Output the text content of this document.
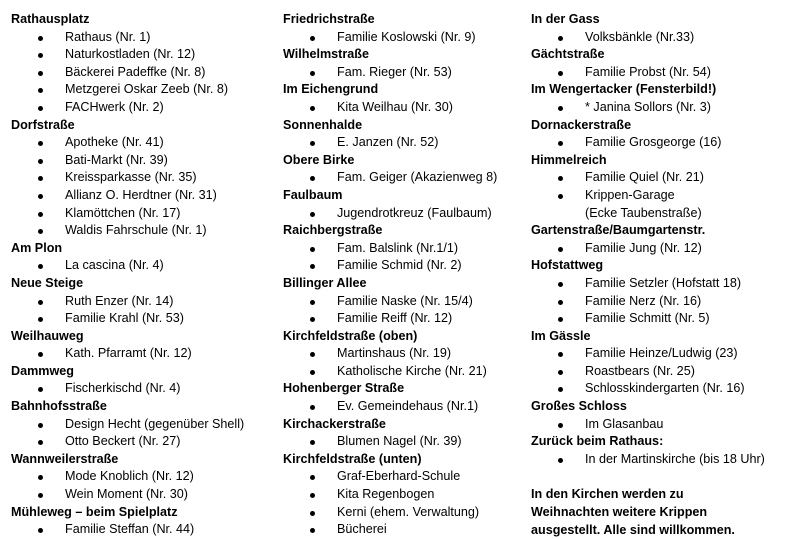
Rathausplatz
Rathaus (Nr. 1)
Naturkostladen (Nr. 12)
Bäckerei Padeffke (Nr. 8)
Metzgerei Oskar Zeeb (Nr. 8)
FACHwerk (Nr. 2)
Dorfstraße
Apotheke (Nr. 41)
Bati-Markt (Nr. 39)
Kreissparkasse (Nr. 35)
Allianz O. Herdtner (Nr. 31)
Klamöttchen (Nr. 17)
Waldis Fahrschule (Nr. 1)
Am Plon
La cascina (Nr. 4)
Neue Steige
Ruth Enzer (Nr. 14)
Familie Krahl (Nr. 53)
Weilhauweg
Kath. Pfarramt (Nr. 12)
Dammweg
Fischerkischd (Nr. 4)
Bahnhofsstraße
Design Hecht (gegenüber Shell)
Otto Beckert (Nr. 27)
Wannweilerstraße
Mode Knoblich (Nr. 12)
Wein Moment (Nr. 30)
Mühleweg – beim Spielplatz
Familie Steffan (Nr. 44)
Friedrichstraße
Familie Koslowski (Nr. 9)
Wilhelmstraße
Fam. Rieger (Nr. 53)
Im Eichengrund
Kita Weilhau (Nr. 30)
Sonnenhalde
E. Janzen (Nr. 52)
Obere Birke
Fam. Geiger (Akazienweg 8)
Faulbaum
Jugendrotkreuz (Faulbaum)
Raichbergstraße
Fam. Balslink (Nr.1/1)
Familie Schmid (Nr. 2)
Billinger Allee
Familie Naske (Nr. 15/4)
Familie Reiff (Nr. 12)
Kirchfeldstraße (oben)
Martinshaus (Nr. 19)
Katholische Kirche (Nr. 21)
Hohenberger Straße
Ev. Gemeindehaus (Nr.1)
Kirchackerstraße
Blumen Nagel (Nr. 39)
Kirchfeldstraße (unten)
Graf-Eberhard-Schule
Kita Regenbogen
Kerni (ehem. Verwaltung)
Bücherei
In der Gass
Volksbänkle (Nr.33)
Gächtstraße
Familie Probst (Nr. 54)
Im Wengertacker (Fensterbild!)
* Janina Sollors (Nr. 3)
Dornackerstraße
Familie Grosgeorge (16)
Himmelreich
Familie Quiel (Nr. 21)
Krippen-Garage
(Ecke Taubenstraße)
Gartenstraße/Baumgartenstr.
Familie Jung (Nr. 12)
Hofstattweg
Familie Setzler (Hofstatt 18)
Familie Nerz (Nr. 16)
Familie Schmitt (Nr. 5)
Im Gässle
Familie Heinze/Ludwig (23)
Roastbears (Nr. 25)
Schlosskindergarten (Nr. 16)
Großes Schloss
Im Glasanbau
Zurück beim Rathaus:
In der Martinskirche (bis 18 Uhr)
In den Kirchen werden zu
Weihnachten weitere Krippen
ausgestellt. Alle sind willkommen.
